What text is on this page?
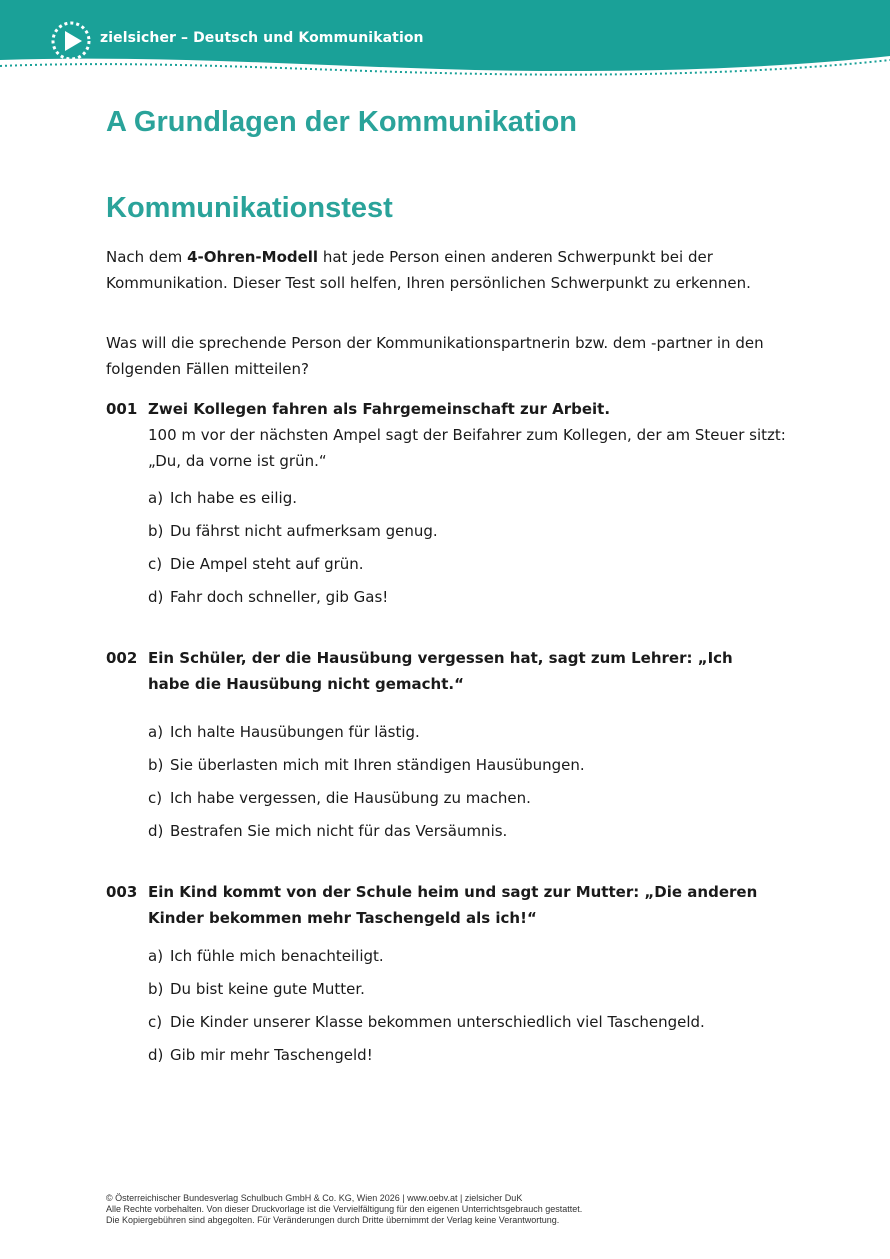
zielsicher – Deutsch und Kommunikation
A Grundlagen der Kommunikation
Kommunikationstest

Nach dem 4-Ohren-Modell hat jede Person einen anderen Schwerpunkt bei der Kommunikation. Dieser Test soll helfen, Ihren persönlichen Schwerpunkt zu erkennen.

Was will die sprechende Person der Kommunikationspartnerin bzw. dem -partner in den folgenden Fällen mitteilen?

001 Zwei Kollegen fahren als Fahrgemeinschaft zur Arbeit.
100 m vor der nächsten Ampel sagt der Beifahrer zum Kollegen, der am Steuer sitzt: „Du, da vorne ist grün.“
a) Ich habe es eilig.
b) Du fährst nicht aufmerksam genug.
c) Die Ampel steht auf grün.
d) Fahr doch schneller, gib Gas!
002 Ein Schüler, der die Hausübung vergessen hat, sagt zum Lehrer: „Ich habe die Hausübung nicht gemacht.“
a) Ich halte Hausübungen für lästig.
b) Sie überlasten mich mit Ihren ständigen Hausübungen.
c) Ich habe vergessen, die Hausübung zu machen.
d) Bestrafen Sie mich nicht für das Versäumnis.
003 Ein Kind kommt von der Schule heim und sagt zur Mutter: „Die anderen Kinder bekommen mehr Taschengeld als ich!“
a) Ich fühle mich benachteiligt.
b) Du bist keine gute Mutter.
c) Die Kinder unserer Klasse bekommen unterschiedlich viel Taschengeld.
d) Gib mir mehr Taschengeld!
© Österreichischer Bundesverlag Schulbuch GmbH & Co. KG, Wien 2026 | www.oebv.at | zielsicher DuK
Alle Rechte vorbehalten. Von dieser Druckvorlage ist die Vervielfältigung für den eigenen Unterrichtsgebrauch gestattet.
Die Kopiergebühren sind abgegolten. Für Veränderungen durch Dritte übernimmt der Verlag keine Verantwortung.
